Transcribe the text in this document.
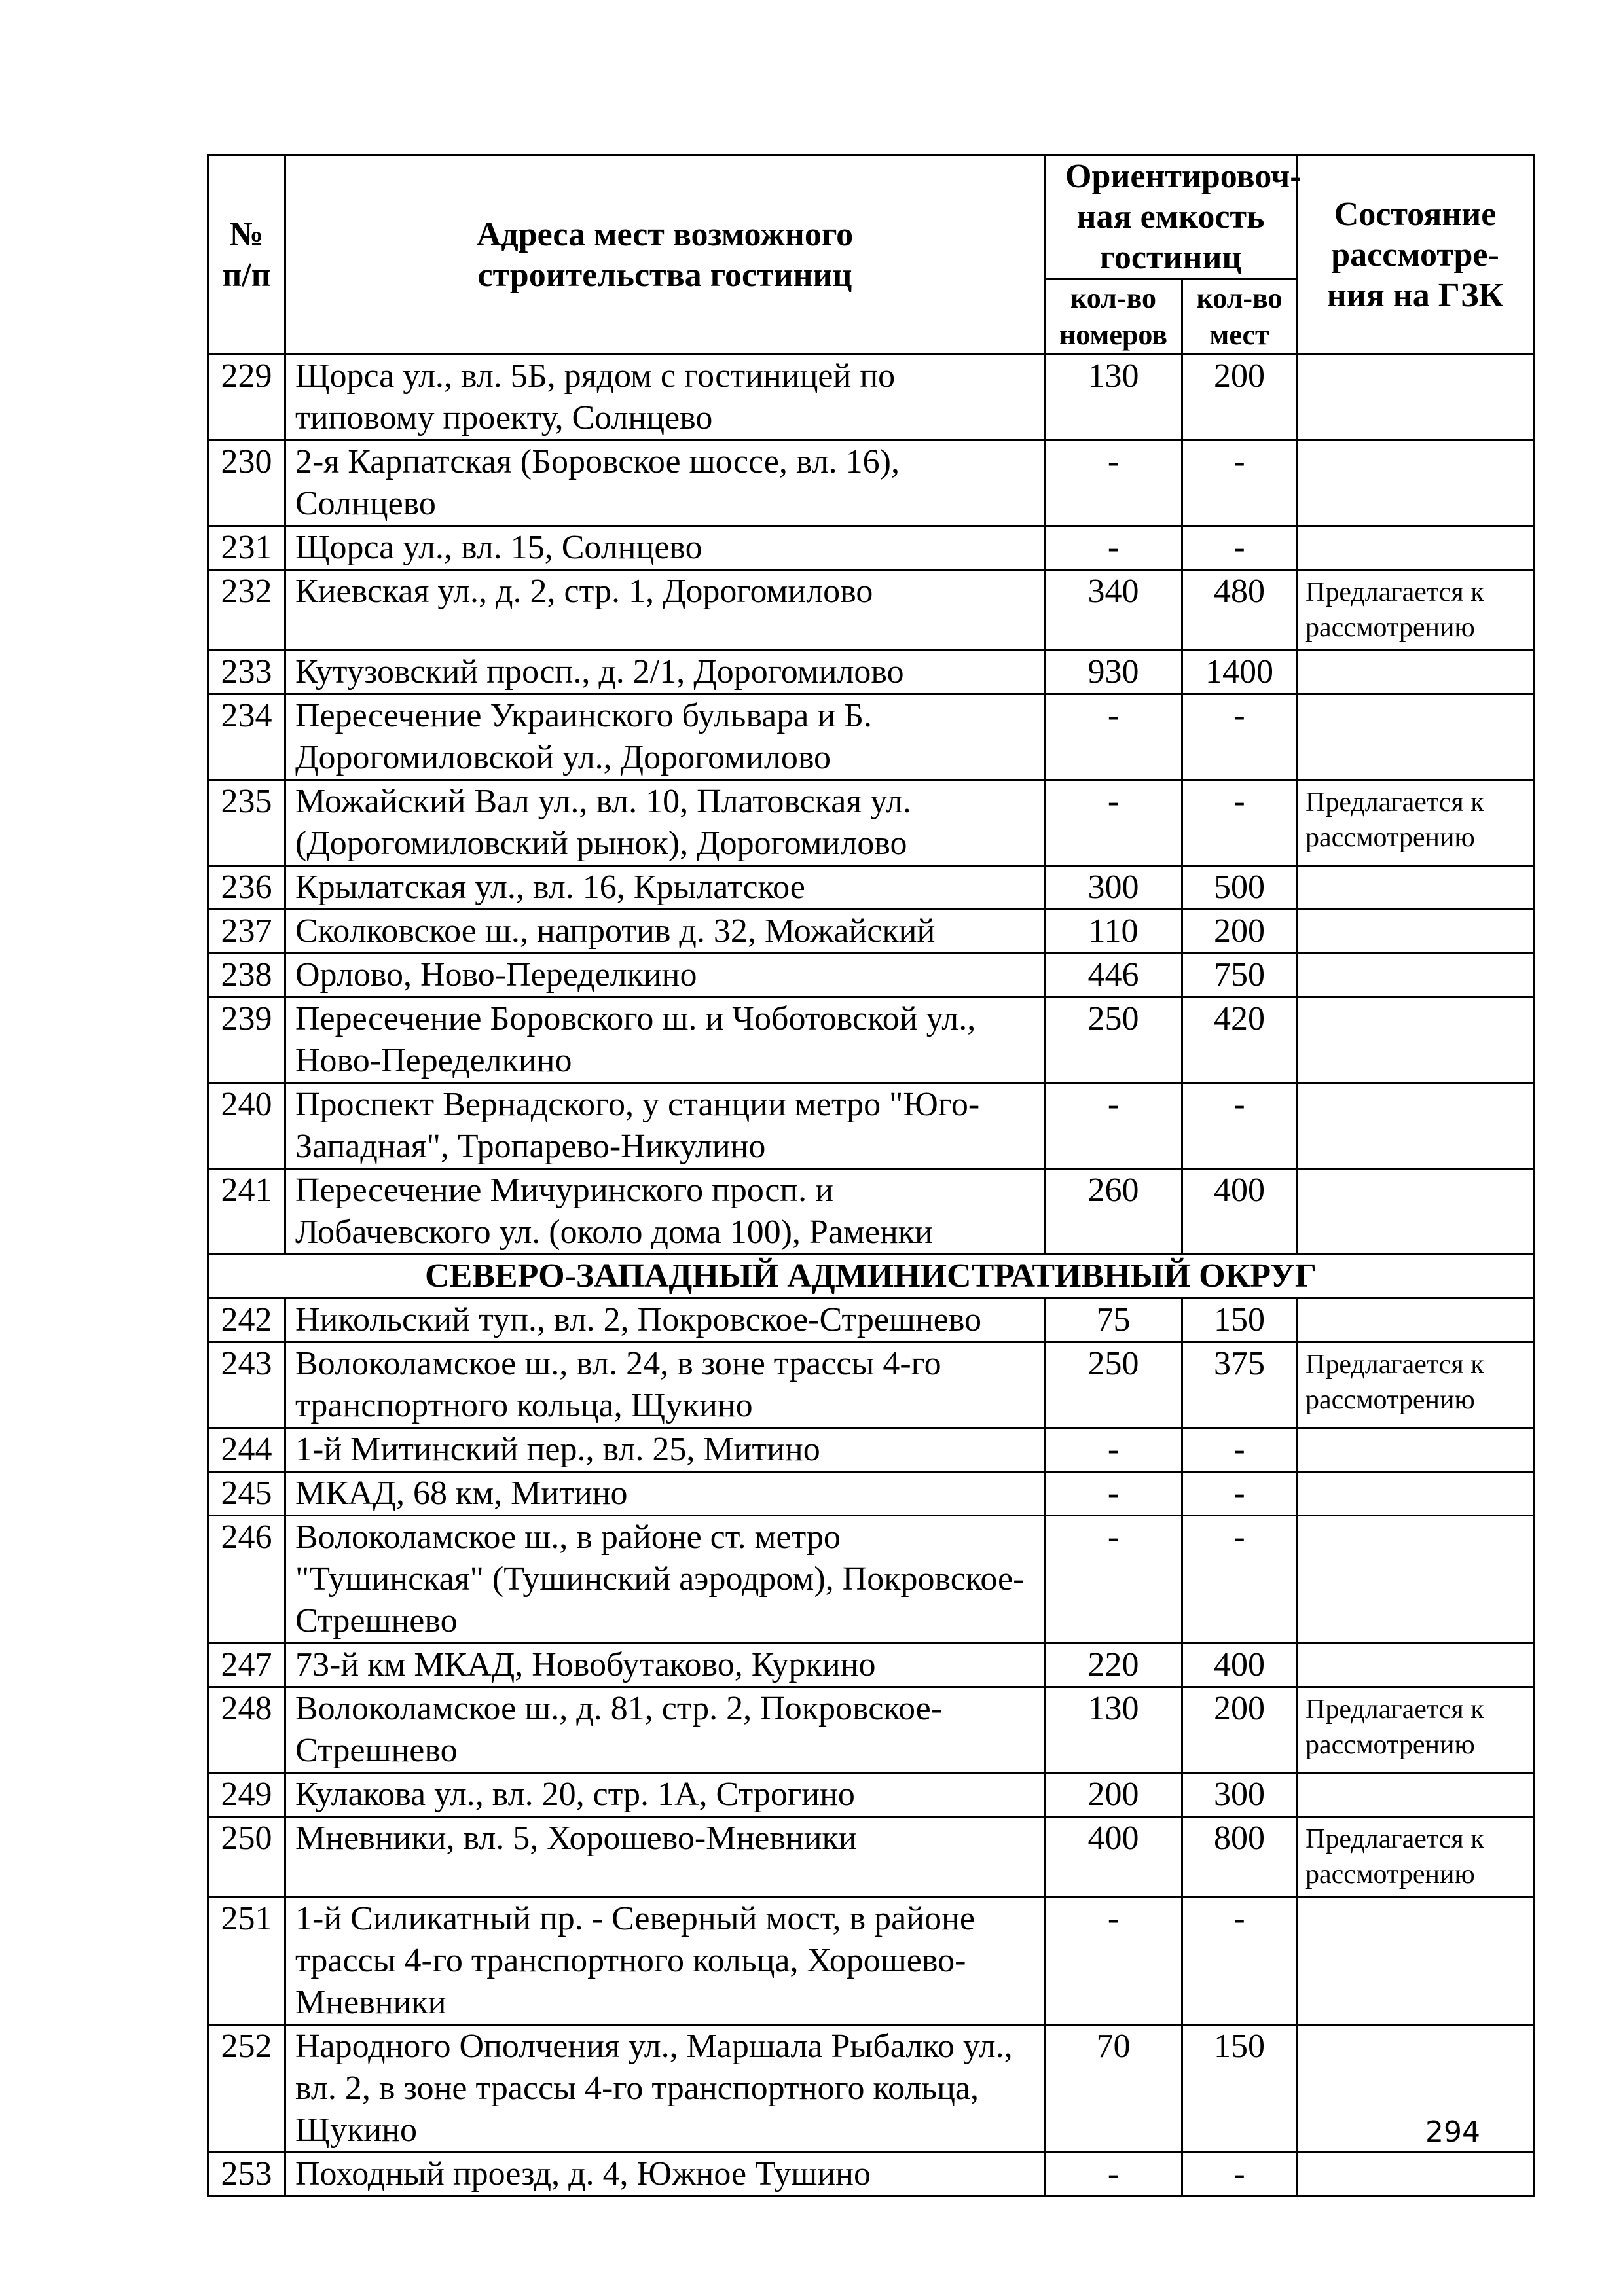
№ п/п	Адреса мест возможного строительства гостиниц	Ориентировоч-ная емкость гостиниц		Состояние рассмотре-ния на ГЗК
		кол-во номеров	кол-во мест	
229	Щорса ул., вл. 5Б, рядом с гостиницей по типовому проекту, Солнцево	130	200	
230	2-я Карпатская (Боровское шоссе, вл. 16), Солнцево	-	-	
231	Щорса ул., вл. 15, Солнцево	-	-	
232	Киевская ул., д. 2, стр. 1, Дорогомилово	340	480	Предлагается к рассмотрению
233	Кутузовский просп., д. 2/1, Дорогомилово	930	1400	
234	Пересечение Украинского бульвара и Б. Дорогомиловской ул., Дорогомилово	-	-	
235	Можайский Вал ул., вл. 10, Платовская ул. (Дорогомиловский рынок), Дорогомилово	-	-	Предлагается к рассмотрению
236	Крылатская ул., вл. 16, Крылатское	300	500	
237	Сколковское ш., напротив д. 32, Можайский	110	200	
238	Орлово, Ново-Переделкино	446	750	
239	Пересечение Боровского ш. и Чоботовской ул., Ново-Переделкино	250	420	
240	Проспект Вернадского, у станции метро "Юго-Западная", Тропарево-Никулино	-	-	
241	Пересечение Мичуринского просп. и Лобачевского ул. (около дома 100), Раменки	260	400	
СЕВЕРО-ЗАПАДНЫЙ АДМИНИСТРАТИВНЫЙ ОКРУГ				
242	Никольский туп., вл. 2, Покровское-Стрешнево	75	150	
243	Волоколамское ш., вл. 24, в зоне трассы 4-го транспортного кольца, Щукино	250	375	Предлагается к рассмотрению
244	1-й Митинский пер., вл. 25, Митино	-	-	
245	МКАД, 68 км, Митино	-	-	
246	Волоколамское ш., в районе ст. метро "Тушинская" (Тушинский аэродром), Покровское-Стрешнево	-	-	
247	73-й км МКАД, Новобутаково, Куркино	220	400	
248	Волоколамское ш., д. 81, стр. 2, Покровское-Стрешнево	130	200	Предлагается к рассмотрению
249	Кулакова ул., вл. 20, стр. 1А, Строгино	200	300	
250	Мневники, вл. 5, Хорошево-Мневники	400	800	Предлагается к рассмотрению
251	1-й Силикатный пр. - Северный мост, в районе трассы 4-го транспортного кольца, Хорошево-Мневники	-	-	
252	Народного Ополчения ул., Маршала Рыбалко ул., вл. 2, в зоне трассы 4-го транспортного кольца, Щукино	70	150	
253	Походный проезд, д. 4, Южное Тушино	-	-	
294
